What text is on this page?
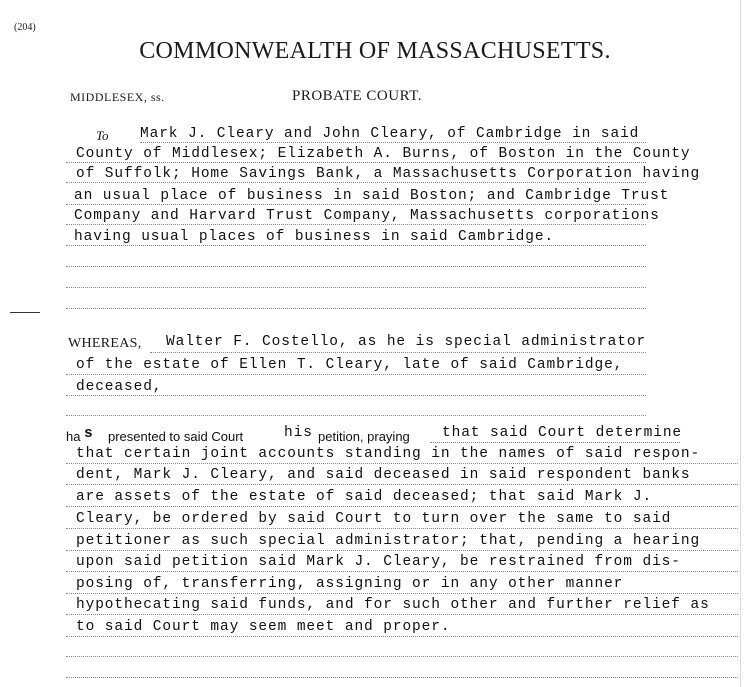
(204)
COMMONWEALTH OF MASSACHUSETTS.
MIDDLESEX, ss.	PROBATE COURT.
To Mark J. Cleary and John Cleary, of Cambridge in said
County of Middlesex; Elizabeth A. Burns, of Boston in the County
of Suffolk; Home Savings Bank, a Massachusetts Corporation having
an usual place of business in said Boston; and Cambridge Trust
Company and Harvard Trust Company, Massachusetts corporations
having usual places of business in said Cambridge.
WHEREAS, Walter F. Costello, as he is special administrator
of the estate of Ellen T. Cleary, late of said Cambridge,
deceased,
ha s presented to said Court	his petition, praying that said Court determine
that certain joint accounts standing in the names of said respon-
dent, Mark J. Cleary, and said deceased in said respondent banks
are assets of the estate of said deceased; that said Mark J.
Cleary, be ordered by said Court to turn over the same to said
petitioner as such special administrator; that, pending a hearing
upon said petition said Mark J. Cleary, be restrained from dis-
posing of, transferring, assigning or in any other manner
hypothecating said funds, and for such other and further relief as
to said Court may seem meet and proper.
